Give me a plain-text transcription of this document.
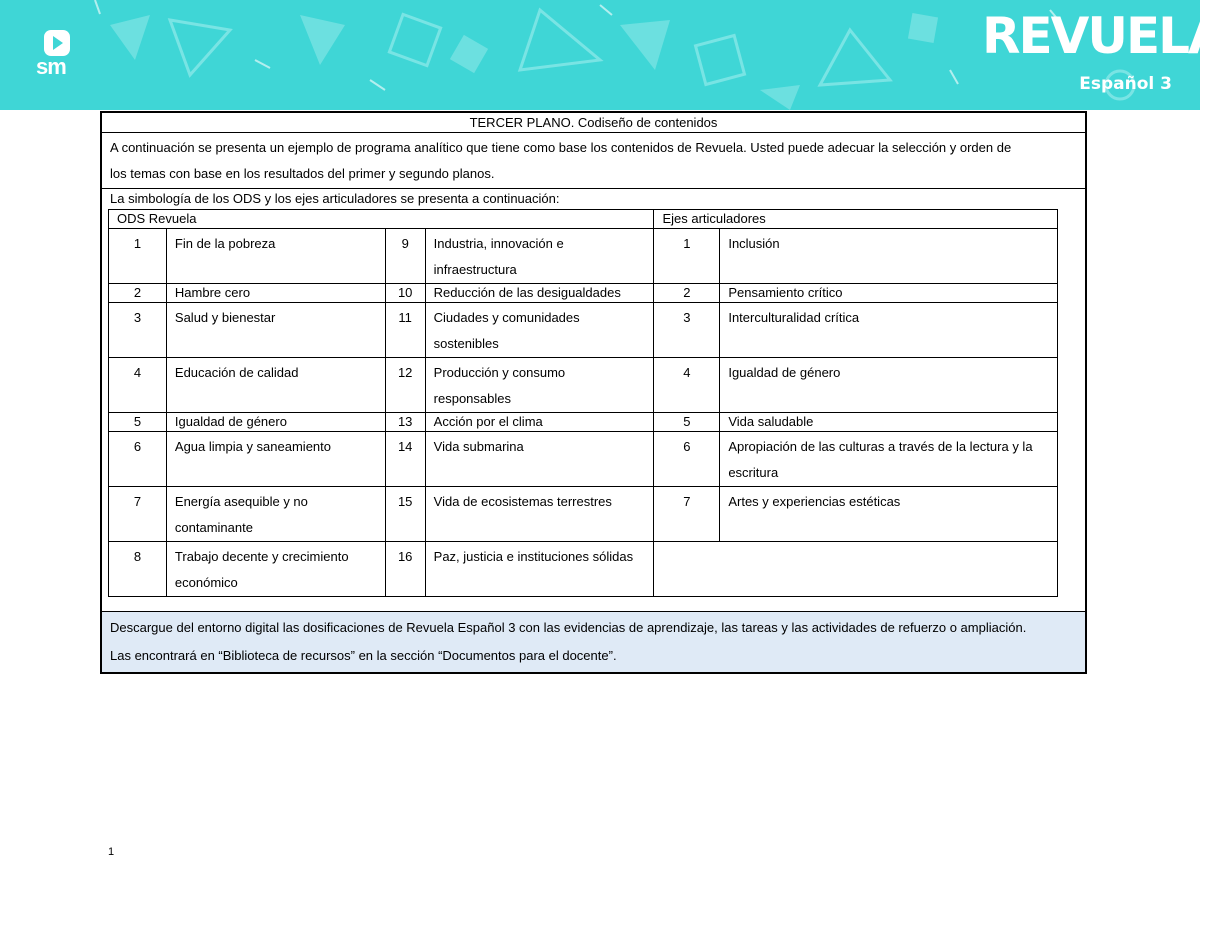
sm
REVUELA
Español 3
TERCER PLANO. Codiseño de contenidos
A continuación se presenta un ejemplo de programa analítico que tiene como base los contenidos de Revuela. Usted puede adecuar la selección y orden de
los temas con base en los resultados del primer y segundo planos.
La simbología de los ODS y los ejes articuladores se presenta a continuación:
ODS Revuela				Ejes articuladores	
1	Fin de la pobreza	9	Industria, innovación e infraestructura	1	Inclusión
2	Hambre cero	10	Reducción de las desigualdades	2	Pensamiento crítico
3	Salud y bienestar	11	Ciudades y comunidades sostenibles	3	Interculturalidad crítica
4	Educación de calidad	12	Producción y consumo responsables	4	Igualdad de género
5	Igualdad de género	13	Acción por el clima	5	Vida saludable
6	Agua limpia y saneamiento	14	Vida submarina	6	Apropiación de las culturas a través de la lectura y la escritura
7	Energía asequible y no contaminante	15	Vida de ecosistemas terrestres	7	Artes y experiencias estéticas
8	Trabajo decente y crecimiento económico	16	Paz, justicia e instituciones sólidas		
Descargue del entorno digital las dosificaciones de Revuela Español 3 con las evidencias de aprendizaje, las tareas y las actividades de refuerzo o ampliación.
Las encontrará en “Biblioteca de recursos” en la sección “Documentos para el docente”.
1
